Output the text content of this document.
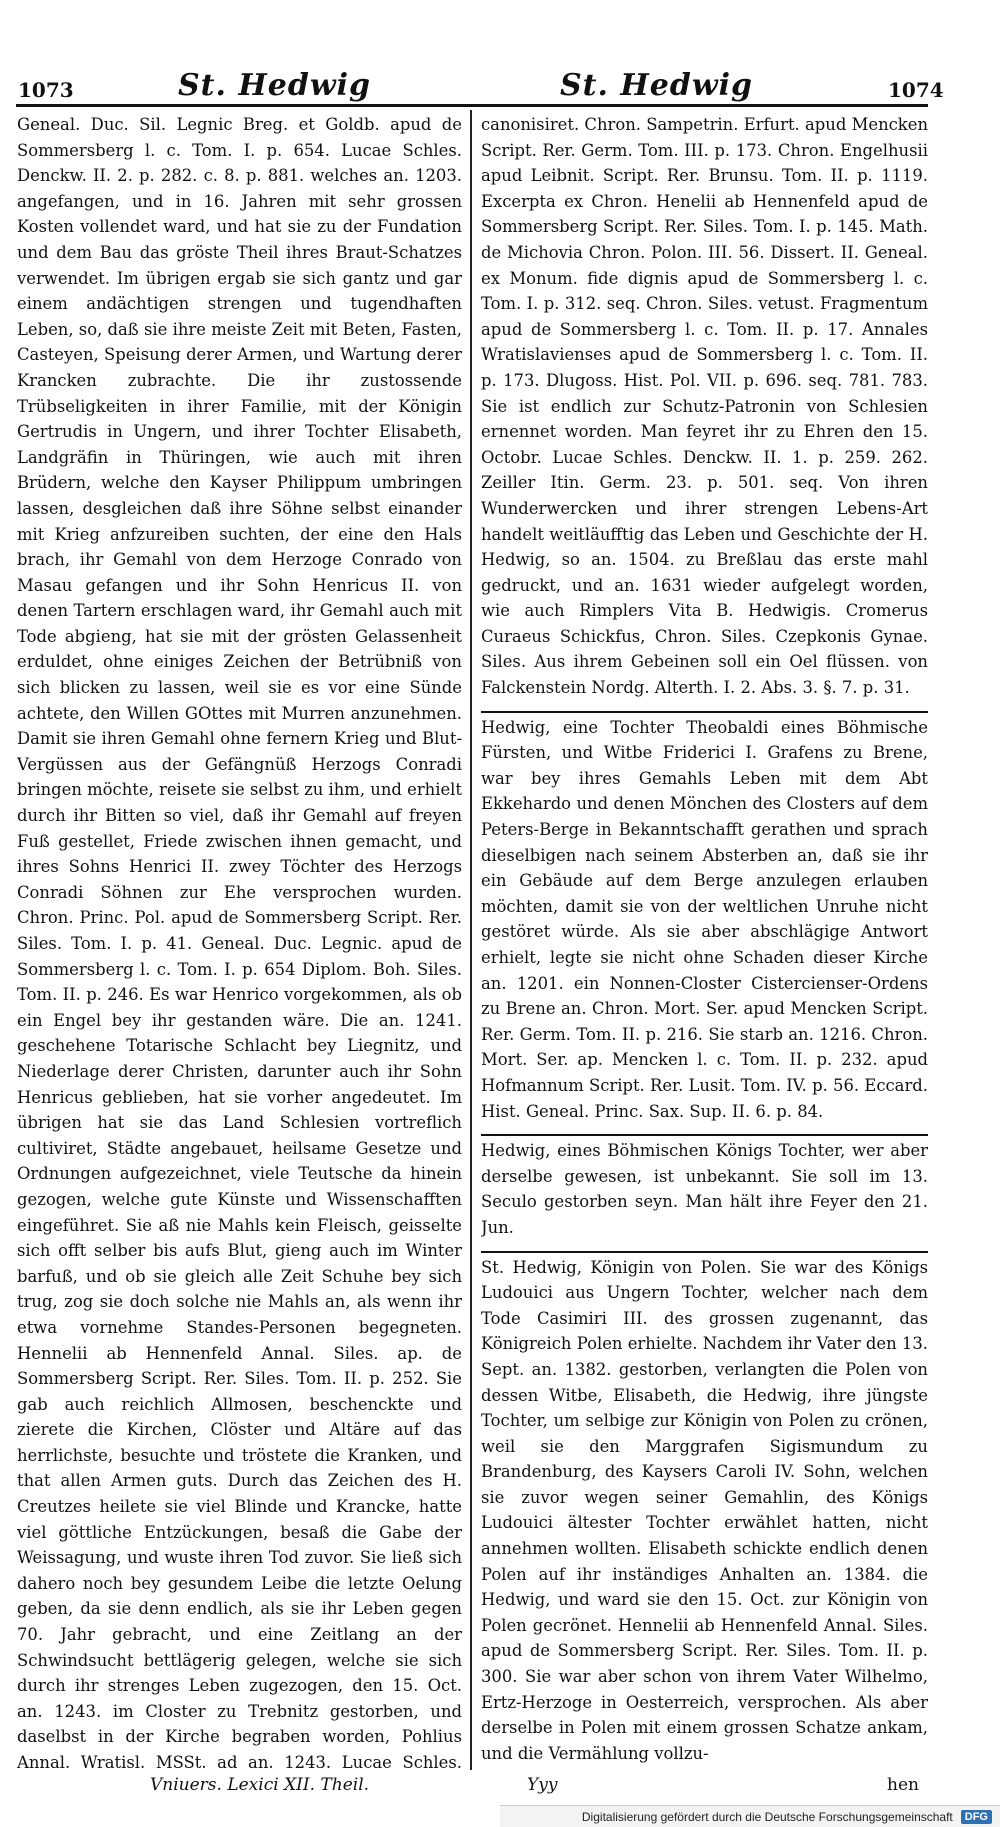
1073	St. Hedwig	St. Hedwig	1074

Geneal. Duc. Sil. Legnic Breg. et Goldb. apud de Sommersberg l. c. Tom. I. p. 654. Lucae Schles. Denckw. II. 2. p. 282. c. 8. p. 881. welches an. 1203. angefangen, und in 16. Jahren mit sehr grossen Kosten vollendet ward, und hat sie zu der Fundation und dem Bau das gröste Theil ihres Braut-Schatzes verwendet. Im übrigen ergab sie sich gantz und gar einem andächtigen strengen und tugendhaften Leben, so, daß sie ihre meiste Zeit mit Beten, Fasten, Casteyen, Speisung derer Armen, und Wartung derer Krancken zubrachte. Die ihr zustossende Trübseligkeiten in ihrer Familie, mit der Königin Gertrudis in Ungern, und ihrer Tochter Elisabeth, Landgräfin in Thüringen, wie auch mit ihren Brüdern, welche den Kayser Philippum umbringen lassen, desgleichen daß ihre Söhne selbst einander mit Krieg anfzureiben suchten, der eine den Hals brach, ihr Gemahl von dem Herzoge Conrado von Masau gefangen und ihr Sohn Henricus II. von denen Tartern erschlagen ward, ihr Gemahl auch mit Tode abgieng, hat sie mit der grösten Gelassenheit erduldet, ohne einiges Zeichen der Betrübniß von sich blicken zu lassen, weil sie es vor eine Sünde achtete, den Willen GOttes mit Murren anzunehmen. Damit sie ihren Gemahl ohne fernern Krieg und Blut-Vergüssen aus der Gefängnüß Herzogs Conradi bringen möchte, reisete sie selbst zu ihm, und erhielt durch ihr Bitten so viel, daß ihr Gemahl auf freyen Fuß gestellet, Friede zwischen ihnen gemacht, und ihres Sohns Henrici II. zwey Töchter des Herzogs Conradi Söhnen zur Ehe versprochen wurden. Chron. Princ. Pol. apud de Sommersberg Script. Rer. Siles. Tom. I. p. 41. Geneal. Duc. Legnic. apud de Sommersberg l. c. Tom. I. p. 654 Diplom. Boh. Siles. Tom. II. p. 246. Es war Henrico vorgekommen, als ob ein Engel bey ihr gestanden wäre. Die an. 1241. geschehene Totarische Schlacht bey Liegnitz, und Niederlage derer Christen, darunter auch ihr Sohn Henricus geblieben, hat sie vorher angedeutet. Im übrigen hat sie das Land Schlesien vortreflich cultiviret, Städte angebauet, heilsame Gesetze und Ordnungen aufgezeichnet, viele Teutsche da hinein gezogen, welche gute Künste und Wissenschafften eingeführet. Sie aß nie Mahls kein Fleisch, geisselte sich offt selber bis aufs Blut, gieng auch im Winter barfuß, und ob sie gleich alle Zeit Schuhe bey sich trug, zog sie doch solche nie Mahls an, als wenn ihr etwa vornehme Standes-Personen begegneten. Hennelii ab Hennenfeld Annal. Siles. ap. de Sommersberg Script. Rer. Siles. Tom. II. p. 252. Sie gab auch reichlich Allmosen, beschenckte und zierete die Kirchen, Clöster und Altäre auf das herrlichste, besuchte und tröstete die Kranken, und that allen Armen guts. Durch das Zeichen des H. Creutzes heilete sie viel Blinde und Krancke, hatte viel göttliche Entzückungen, besaß die Gabe der Weissagung, und wuste ihren Tod zuvor. Sie ließ sich dahero noch bey gesundem Leibe die letzte Oelung geben, da sie denn endlich, als sie ihr Leben gegen 70. Jahr gebracht, und eine Zeitlang an der Schwindsucht bettlägerig gelegen, welche sie sich durch ihr strenges Leben zugezogen, den 15. Oct. an. 1243. im Closter zu Trebnitz gestorben, und daselbst in der Kirche begraben worden, Pohlius Annal. Wratisl. MSSt. ad an. 1243. Lucae Schles.

canonisiret. Chron. Sampetrin. Erfurt. apud Mencken Script. Rer. Germ. Tom. III. p. 173. Chron. Engelhusii apud Leibnit. Script. Rer. Brunsu. Tom. II. p. 1119. Excerpta ex Chron. Henelii ab Hennenfeld apud de Sommersberg Script. Rer. Siles. Tom. I. p. 145. Math. de Michovia Chron. Polon. III. 56. Dissert. II. Geneal. ex Monum. fide dignis apud de Sommersberg l. c. Tom. I. p. 312. seq. Chron. Siles. vetust. Fragmentum apud de Sommersberg l. c. Tom. II. p. 17. Annales Wratislavienses apud de Sommersberg l. c. Tom. II. p. 173. Dlugoss. Hist. Pol. VII. p. 696. seq. 781. 783. Sie ist endlich zur Schutz-Patronin von Schlesien ernennet worden. Man feyret ihr zu Ehren den 15. Octobr. Lucae Schles. Denckw. II. 1. p. 259. 262. Zeiller Itin. Germ. 23. p. 501. seq. Von ihren Wunderwercken und ihrer strengen Lebens-Art handelt weitläufftig das Leben und Geschichte der H. Hedwig, so an. 1504. zu Breßlau das erste mahl gedruckt, und an. 1631 wieder aufgelegt worden, wie auch Rimplers Vita B. Hedwigis. Cromerus Curaeus Schickfus, Chron. Siles. Czepkonis Gynae. Siles. Aus ihrem Gebeinen soll ein Oel flüssen. von Falckenstein Nordg. Alterth. I. 2. Abs. 3. §. 7. p. 31.

Hedwig, eine Tochter Theobaldi eines Böhmische Fürsten, und Witbe Friderici I. Grafens zu Brene, war bey ihres Gemahls Leben mit dem Abt Ekkehardo und denen Mönchen des Closters auf dem Peters-Berge in Bekanntschafft gerathen und sprach dieselbigen nach seinem Absterben an, daß sie ihr ein Gebäude auf dem Berge anzulegen erlauben möchten, damit sie von der weltlichen Unruhe nicht gestöret würde. Als sie aber abschlägige Antwort erhielt, legte sie nicht ohne Schaden dieser Kirche an. 1201. ein Nonnen-Closter Cistercienser-Ordens zu Brene an. Chron. Mort. Ser. apud Mencken Script. Rer. Germ. Tom. II. p. 216. Sie starb an. 1216. Chron. Mort. Ser. ap. Mencken l. c. Tom. II. p. 232. apud Hofmannum Script. Rer. Lusit. Tom. IV. p. 56. Eccard. Hist. Geneal. Princ. Sax. Sup. II. 6. p. 84.

Hedwig, eines Böhmischen Königs Tochter, wer aber derselbe gewesen, ist unbekannt. Sie soll im 13. Seculo gestorben seyn. Man hält ihre Feyer den 21. Jun.

St. Hedwig, Königin von Polen. Sie war des Königs Ludouici aus Ungern Tochter, welcher nach dem Tode Casimiri III. des grossen zugenannt, das Königreich Polen erhielte. Nachdem ihr Vater den 13. Sept. an. 1382. gestorben, verlangten die Polen von dessen Witbe, Elisabeth, die Hedwig, ihre jüngste Tochter, um selbige zur Königin von Polen zu crönen, weil sie den Marggrafen Sigismundum zu Brandenburg, des Kaysers Caroli IV. Sohn, welchen sie zuvor wegen seiner Gemahlin, des Königs Ludouici ältester Tochter erwählet hatten, nicht annehmen wollten. Elisabeth schickte endlich denen Polen auf ihr inständiges Anhalten an. 1384. die Hedwig, und ward sie den 15. Oct. zur Königin von Polen gecrönet. Hennelii ab Hennenfeld Annal. Siles. apud de Sommersberg Script. Rer. Siles. Tom. II. p. 300. Sie war aber schon von ihrem Vater Wilhelmo, Ertz-Herzoge in Oesterreich, versprochen. Als aber derselbe in Polen mit einem grossen Schatze ankam, und die Vermählung vollzu-

Vniuers. Lexici XII. Theil.	Yyy	hen
Digitalisierung gefördert durch die Deutsche Forschungsgemeinschaft	DFG
